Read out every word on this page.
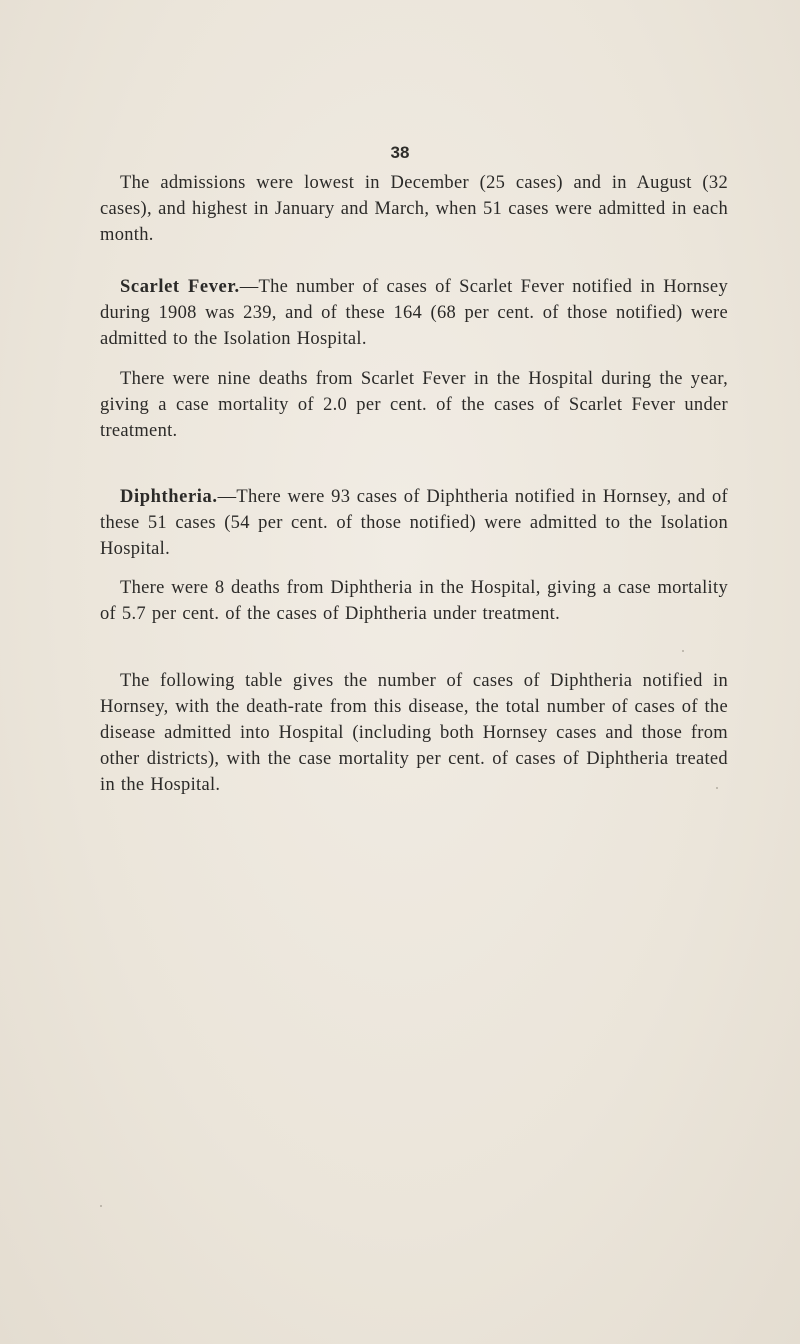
38

The admissions were lowest in December (25 cases) and in August (32 cases), and highest in January and March, when 51 cases were admitted in each month.

Scarlet Fever.—The number of cases of Scarlet Fever notified in Hornsey during 1908 was 239, and of these 164 (68 per cent. of those notified) were admitted to the Isolation Hospital.

There were nine deaths from Scarlet Fever in the Hospital during the year, giving a case mortality of 2.0 per cent. of the cases of Scarlet Fever under treatment.

Diphtheria.—There were 93 cases of Diphtheria notified in Hornsey, and of these 51 cases (54 per cent. of those notified) were admitted to the Isolation Hospital.

There were 8 deaths from Diphtheria in the Hospital, giving a case mortality of 5.7 per cent. of the cases of Diphtheria under treatment.

The following table gives the number of cases of Diphtheria notified in Hornsey, with the death-rate from this disease, the total number of cases of the disease admitted into Hospital (including both Hornsey cases and those from other districts), with the case mortality per cent. of cases of Diphtheria treated in the Hospital.
